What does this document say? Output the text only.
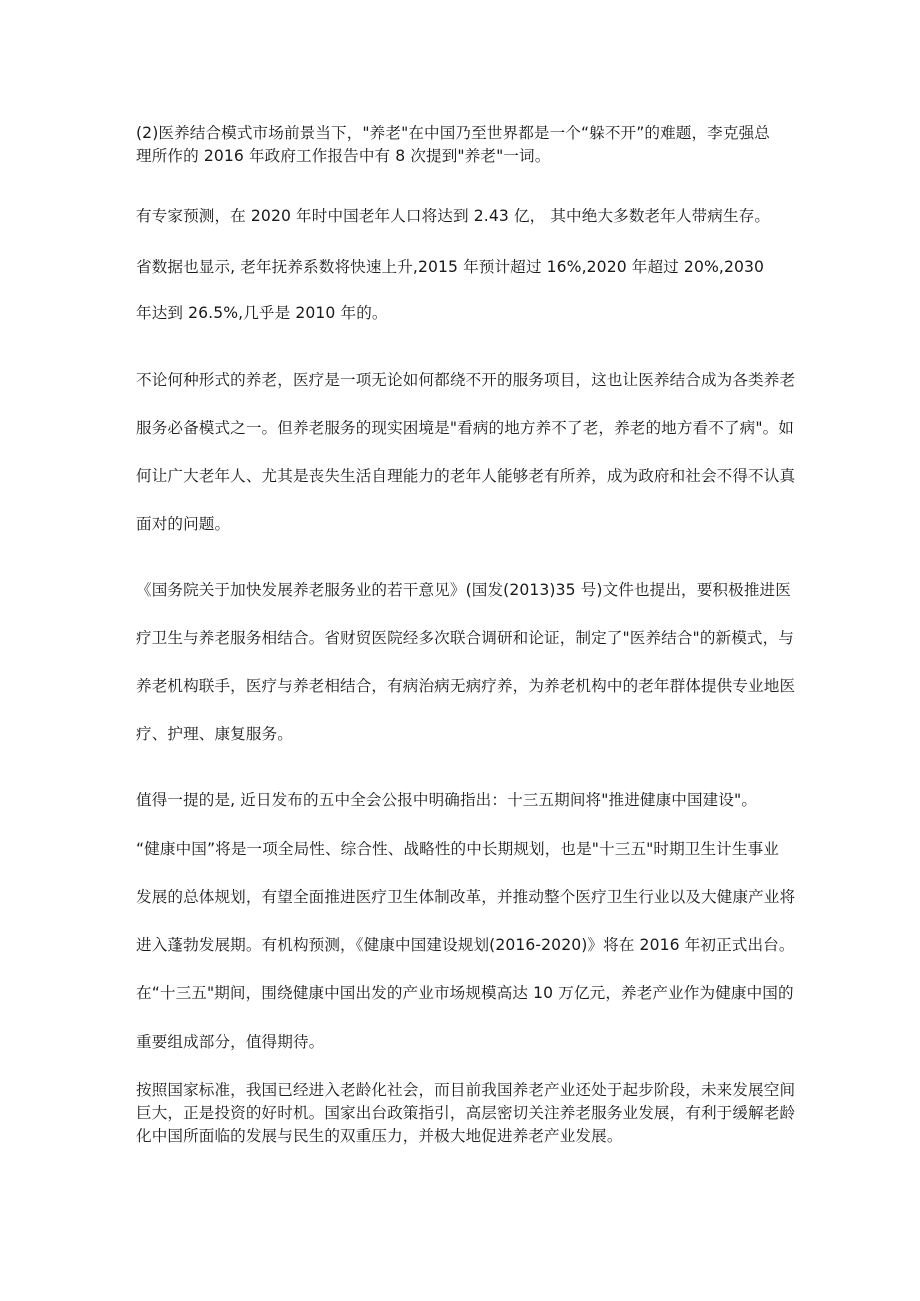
(2)医养结合模式市场前景当下，"养老"在中国乃至世界都是一个“躲不开”的难题，李克强总
理所作的 2016 年政府工作报告中有 8 次提到"养老"一词。
有专家预测，在 2020 年时中国老年人口将达到 2.43 亿， 其中绝大多数老年人带病生存。
省数据也显示, 老年抚养系数将快速上升,2015 年预计超过 16%,2020 年超过 20%,2030
年达到 26.5%,几乎是 2010 年的。
不论何种形式的养老，医疗是一项无论如何都绕不开的服务项目，这也让医养结合成为各类养老
服务必备模式之一。但养老服务的现实困境是"看病的地方养不了老，养老的地方看不了病"。如
何让广大老年人、尤其是丧失生活自理能力的老年人能够老有所养，成为政府和社会不得不认真
面对的问题。
《国务院关于加快发展养老服务业的若干意见》(国发(2013)35 号)文件也提出，要积极推进医
疗卫生与养老服务相结合。省财贸医院经多次联合调研和论证，制定了"医养结合"的新模式，与
养老机构联手，医疗与养老相结合，有病治病无病疗养，为养老机构中的老年群体提供专业地医
疗、护理、康复服务。
值得一提的是, 近日发布的五中全会公报中明确指出：十三五期间将"推进健康中国建设"。
“健康中国”将是一项全局性、综合性、战略性的中长期规划，也是"十三五"时期卫生计生事业
发展的总体规划，有望全面推进医疗卫生体制改革，并推动整个医疗卫生行业以及大健康产业将
进入蓬勃发展期。有机构预测，《健康中国建设规划(2016-2020)》将在 2016 年初正式出台。
在“十三五"期间，围绕健康中国出发的产业市场规模高达 10 万亿元，养老产业作为健康中国的
重要组成部分，值得期待。
按照国家标准，我国已经进入老龄化社会，而目前我国养老产业还处于起步阶段，未来发展空间
巨大，正是投资的好时机。国家出台政策指引，高层密切关注养老服务业发展，有利于缓解老龄
化中国所面临的发展与民生的双重压力，并极大地促进养老产业发展。
